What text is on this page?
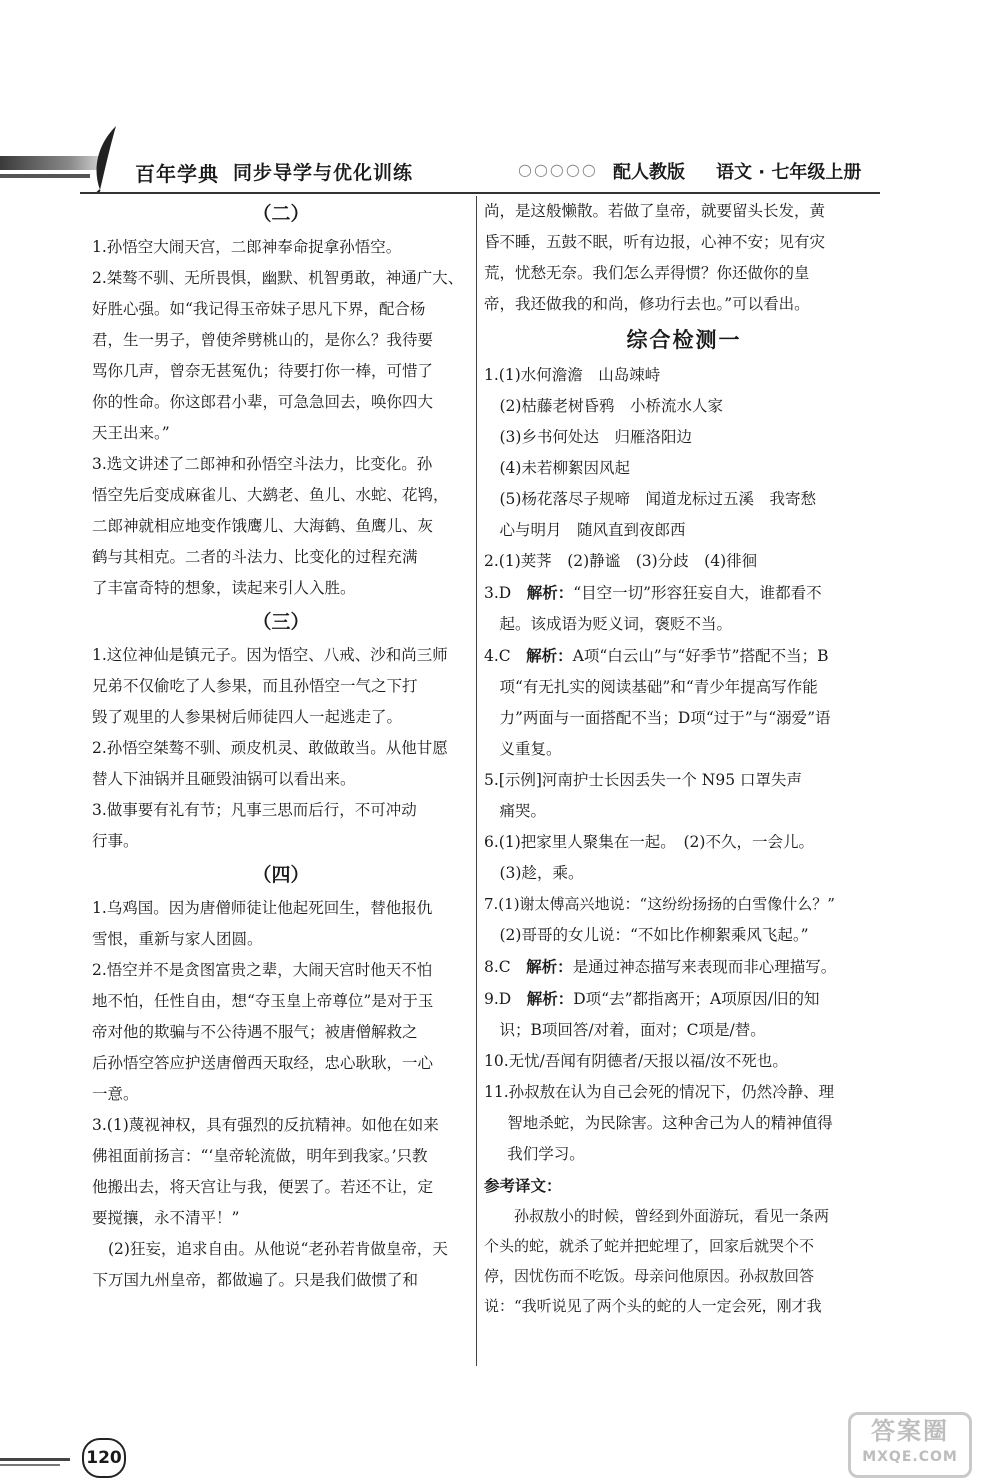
百年学典 同步导学与优化训练	○○○○○ 配人教版 语文 · 七年级上册
（二）
1.孙悟空大闹天宫，二郎神奉命捉拿孙悟空。
2.桀骜不驯、无所畏惧，幽默、机智勇敢，神通广大、
好胜心强。如“我记得玉帝妹子思凡下界，配合杨
君，生一男子，曾使斧劈桃山的，是你么？我待要
骂你几声，曾奈无甚冤仇；待要打你一棒，可惜了
你的性命。你这郎君小辈，可急急回去，唤你四大
天王出来。”
3.选文讲述了二郎神和孙悟空斗法力，比变化。孙
悟空先后变成麻雀儿、大鹚老、鱼儿、水蛇、花鸨，
二郎神就相应地变作饿鹰儿、大海鹤、鱼鹰儿、灰
鹤与其相克。二者的斗法力、比变化的过程充满
了丰富奇特的想象，读起来引人入胜。
（三）
1.这位神仙是镇元子。因为悟空、八戒、沙和尚三师
兄弟不仅偷吃了人参果，而且孙悟空一气之下打
毁了观里的人参果树后师徒四人一起逃走了。
2.孙悟空桀骜不驯、顽皮机灵、敢做敢当。从他甘愿
替人下油锅并且砸毁油锅可以看出来。
3.做事要有礼有节；凡事三思而后行，不可冲动
行事。
（四）
1.乌鸡国。因为唐僧师徒让他起死回生，替他报仇
雪恨，重新与家人团圆。
2.悟空并不是贪图富贵之辈，大闹天宫时他天不怕
地不怕，任性自由，想“夺玉皇上帝尊位”是对于玉
帝对他的欺骗与不公待遇不服气；被唐僧解救之
后孙悟空答应护送唐僧西天取经，忠心耿耿，一心
一意。
3.(1)蔑视神权，具有强烈的反抗精神。如他在如来
佛祖面前扬言：“‘皇帝轮流做，明年到我家。’只教
他搬出去，将天宫让与我，便罢了。若还不让，定
要搅攘，永不清平！”
(2)狂妄，追求自由。从他说“老孙若肯做皇帝，天
下万国九州皇帝，都做遍了。只是我们做惯了和
尚，是这般懒散。若做了皇帝，就要留头长发，黄
昏不睡，五鼓不眠，听有边报，心神不安；见有灾
荒，忧愁无奈。我们怎么弄得惯？你还做你的皇
帝，我还做我的和尚，修功行去也。”可以看出。
综合检测一
1.(1)水何澹澹　山岛竦峙
(2)枯藤老树昏鸦　小桥流水人家
(3)乡书何处达　归雁洛阳边
(4)未若柳絮因风起
(5)杨花落尽子规啼　闻道龙标过五溪　我寄愁
心与明月　随风直到夜郎西
2.(1)荚荠　(2)静谧　(3)分歧　(4)徘徊
3.D　 解析：“目空一切”形容狂妄自大，谁都看不
起。该成语为贬义词，褒贬不当。
4.C　 解析：A项“白云山”与“好季节”搭配不当；B
项“有无扎实的阅读基础”和“青少年提高写作能
力”两面与一面搭配不当；D项“过于”与“溺爱”语
义重复。
5.[示例]河南护士长因丢失一个 N95 口罩失声
痛哭。
6.(1)把家里人聚集在一起。　(2)不久，一会儿。
(3)趁，乘。
7.(1)谢太傅高兴地说：“这纷纷扬扬的白雪像什么？”
(2)哥哥的女儿说：“不如比作柳絮乘风飞起。”
8.C　 解析：是通过神态描写来表现而非心理描写。
9.D　 解析：D项“去”都指离开；A项原因/旧的知
识；B项回答/对着，面对；C项是/替。
10.无忧/吾闻有阴德者/天报以福/汝不死也。
11.孙叔敖在认为自己会死的情况下，仍然冷静、理
智地杀蛇，为民除害。这种舍己为人的精神值得
我们学习。
参考译文：
孙叔敖小的时候，曾经到外面游玩，看见一条两
个头的蛇，就杀了蛇并把蛇埋了，回家后就哭个不
停，因忧伤而不吃饭。母亲问他原因。孙叔敖回答
说：“我听说见了两个头的蛇的人一定会死，刚才我
120
答案圈
MXQE.COM
